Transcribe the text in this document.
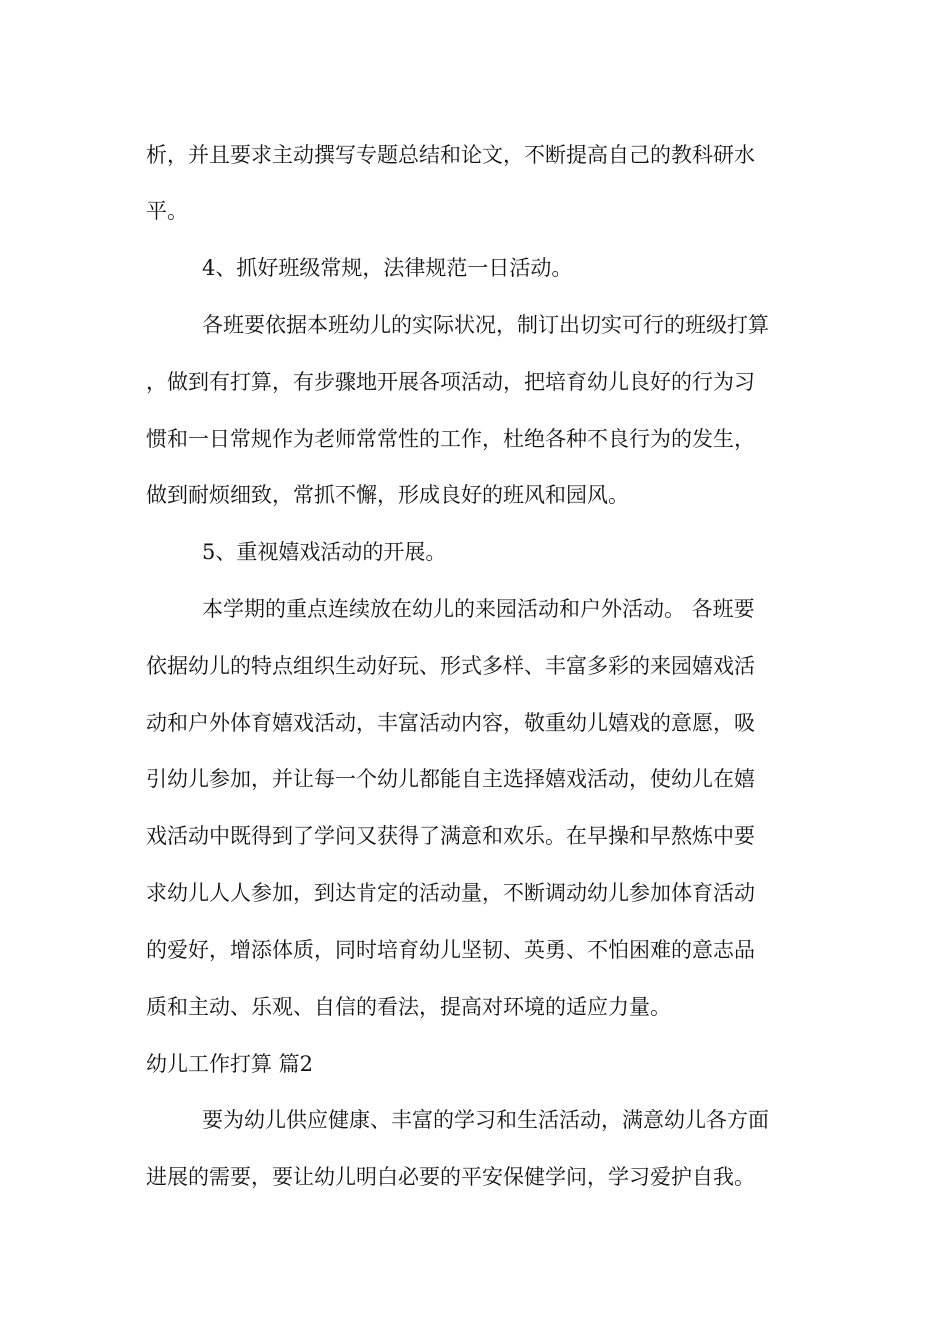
析，并且要求主动撰写专题总结和论文，不断提高自己的教科研水
平。
4、抓好班级常规，法律规范一日活动。
各班要依据本班幼儿的实际状况，制订出切实可行的班级打算
，做到有打算，有步骤地开展各项活动，把培育幼儿良好的行为习
惯和一日常规作为老师常常性的工作，杜绝各种不良行为的发生，
做到耐烦细致，常抓不懈，形成良好的班风和园风。
5、重视嬉戏活动的开展。
本学期的重点连续放在幼儿的来园活动和户外活动。 各班要
依据幼儿的特点组织生动好玩、形式多样、丰富多彩的来园嬉戏活
动和户外体育嬉戏活动，丰富活动内容，敬重幼儿嬉戏的意愿，吸
引幼儿参加，并让每一个幼儿都能自主选择嬉戏活动，使幼儿在嬉
戏活动中既得到了学问又获得了满意和欢乐。在早操和早熬炼中要
求幼儿人人参加，到达肯定的活动量，不断调动幼儿参加体育活动
的爱好，增添体质，同时培育幼儿坚韧、英勇、不怕困难的意志品
质和主动、乐观、自信的看法，提高对环境的适应力量。
幼儿工作打算 篇2
要为幼儿供应健康、丰富的学习和生活活动，满意幼儿各方面
进展的需要，要让幼儿明白必要的平安保健学问，学习爱护自我。
